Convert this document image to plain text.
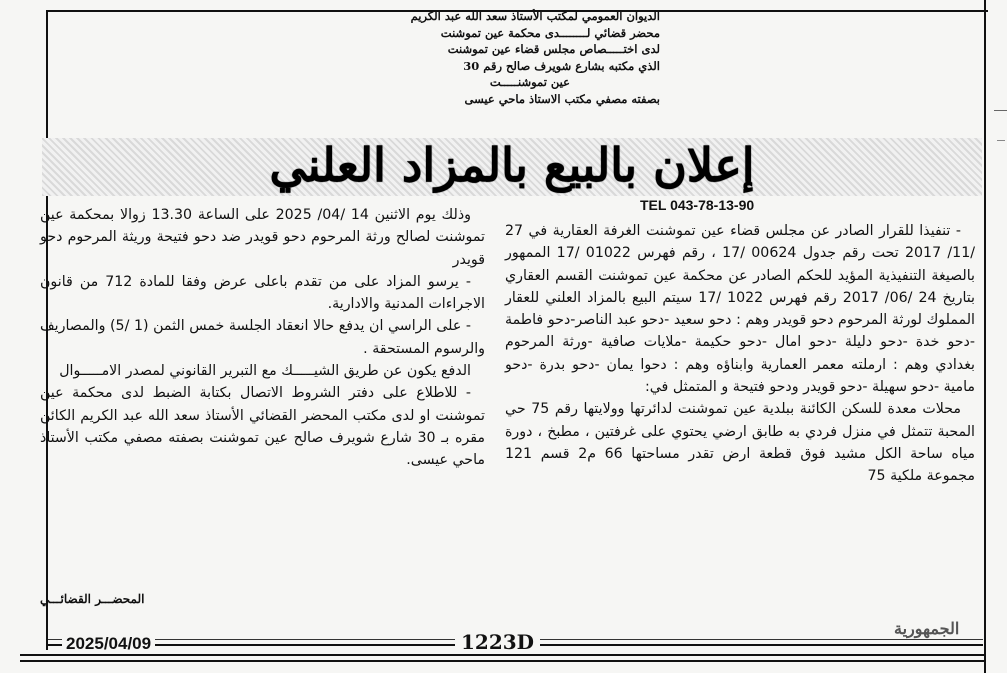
الديوان العمومي لمكتب الأستاذ سعد الله عبد الكريم
محضر قضائي لــــــــدى محكمة عين تموشنت
لدى اختـــــصاص مجلس قضاء عين تموشنت
الذي مكتبه بشارع شويرف صالح رقم 30
عين تموشنـــــت
بصفته مصفي مكتب الاستاذ ماحي عيسى
إعلان بالبيع بالمزاد العلني
TEL 043-78-13-90

- تنفيذا للقرار الصادر عن مجلس قضاء عين تموشنت الغرفة العقارية في 27 /11/ 2017 تحت رقم جدول 00624 /17 ، رقم فهرس 01022 /17 الممهور بالصيغة التنفيذية المؤيد للحكم الصادر عن محكمة عين تموشنت القسم العقاري بتاريخ 24 /06/ 2017 رقم فهرس 1022 /17 سيتم البيع بالمزاد العلني للعقار المملوك لورثة المرحوم دحو قويدر وهم : دحو سعيد -دحو عبد الناصر-دحو فاطمة -دحو خدة -دحو دليلة -دحو امال -دحو حكيمة -ملايات صافية -ورثة المرحوم بغدادي وهم : ارملته معمر العمارية وابناؤه وهم : دحوا يمان -دحو بدرة -دحو مامية -دحو سهيلة -دحو قويدر ودحو فتيحة و المتمثل في:

محلات معدة للسكن الكائنة ببلدية عين تموشنت لدائرتها وولايتها رقم 75 حي المحبة تتمثل في منزل فردي به طابق ارضي يحتوي على غرفتين ، مطبخ ، دورة مياه ساحة الكل مشيد فوق قطعة ارض تقدر مساحتها 66 م2 قسم 121 مجموعة ملكية 75

وذلك يوم الاثنين 14 /04/ 2025 على الساعة 13.30 زوالا بمحكمة عين تموشنت لصالح ورثة المرحوم دحو قويدر ضد دحو فتيحة وريثة المرحوم دحو قويدر

- يرسو المزاد على من تقدم باعلى عرض وفقا للمادة 712 من قانون الاجراءات المدنية والادارية.

- على الراسي ان يدفع حالا انعقاد الجلسة خمس الثمن (1 /5) والمصاريف والرسوم المستحقة .

الدفع يكون عن طريق الشيـــــك مع التبرير القانوني لمصدر الامـــــوال

- للاطلاع على دفتر الشروط الاتصال بكتابة الضبط لدى محكمة عين تموشنت او لدى مكتب المحضر القضائي الأستاذ سعد الله عبد الكريم الكائن مقره بـ 30 شارع شويرف صالح عين تموشنت بصفته مصفي مكتب الأستاذ ماحي عيسى.

المحضـــر القضائـــي
2025/04/09	1223D
الجمهورية
